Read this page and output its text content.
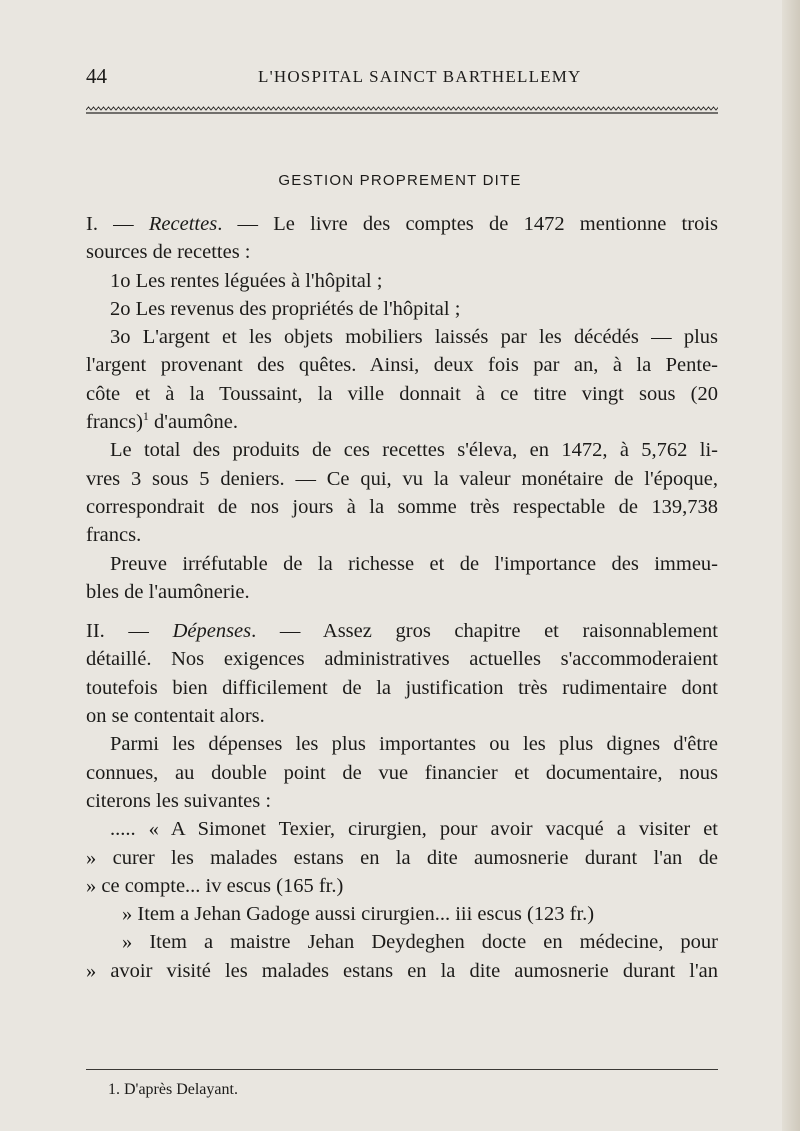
44	L'HOSPITAL SAINCT BARTHELLEMY
GESTION PROPREMENT DITE
I. — Recettes. — Le livre des comptes de 1472 mentionne trois
sources de recettes :
1o Les rentes léguées à l'hôpital ;
2o Les revenus des propriétés de l'hôpital ;
3o L'argent et les objets mobiliers laissés par les décédés — plus
l'argent provenant des quêtes. Ainsi, deux fois par an, à la Pente-
côte et à la Toussaint, la ville donnait à ce titre vingt sous (20
francs)$^1$ d'aumône.
Le total des produits de ces recettes s'éleva, en 1472, à 5,762 li-
vres 3 sous 5 deniers. — Ce qui, vu la valeur monétaire de l'époque,
correspondrait de nos jours à la somme très respectable de 139,738
francs.
Preuve irréfutable de la richesse et de l'importance des immeu-
bles de l'aumônerie.
II. — Dépenses. — Assez gros chapitre et raisonnablement
détaillé. Nos exigences administratives actuelles s'accommoderaient
toutefois bien difficilement de la justification très rudimentaire dont
on se contentait alors.
Parmi les dépenses les plus importantes ou les plus dignes d'être
connues, au double point de vue financier et documentaire, nous
citerons les suivantes :
..... « A Simonet Texier, cirurgien, pour avoir vacqué a visiter et
» curer les malades estans en la dite aumosnerie durant l'an de
» ce compte... iv escus (165 fr.)
» Item a Jehan Gadoge aussi cirurgien... iii escus (123 fr.)
» Item a maistre Jehan Deydeghen docte en médecine, pour
» avoir visité les malades estans en la dite aumosnerie durant l'an
1. D'après Delayant.
